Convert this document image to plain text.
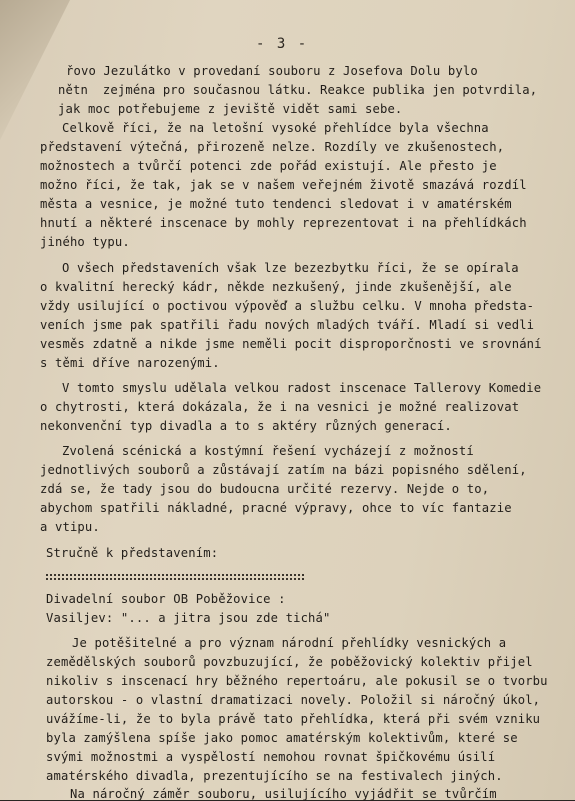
- 3 -
řovo Jezulátko v provedaní souboru z Josefova Dolu bylo
nětn  zejména pro současnou látku. Reakce publika jen potvrdila,
jak moc potřebujeme z jeviště vidět sami sebe.
Celkově říci, že na letošní vysoké přehlídce byla všechna
představení výtečná, přirozeně nelze. Rozdíly ve zkušenostech,
možnostech a tvůrčí potenci zde pořád existují. Ale přesto je
možno říci, že tak, jak se v našem veřejném životě smazává rozdíl
města a vesnice, je možné tuto tendenci sledovat i v amatérském
hnutí a některé inscenace by mohly reprezentovat i na přehlídkách
jiného typu.
O všech představeních však lze bezezbytku říci, že se opírala
o kvalitní herecký kádr, někde nezkušený, jinde zkušenější, ale
vždy usilující o poctivou výpověď a službu celku. V mnoha předsta-
veních jsme pak spatřili řadu nových mladých tváří. Mladí si vedli
vesměs zdatně a nikde jsme neměli pocit disproporčnosti ve srovnání
s těmi dříve narozenými.
V tomto smyslu udělala velkou radost inscenace Tallerovy Komedie
o chytrosti, která dokázala, že i na vesnici je možné realizovat
nekonvenční typ divadla a to s aktéry různých generací.
Zvolená scénická a kostýmní řešení vycházejí z možností
jednotlivých souborů a zůstávají zatím na bázi popisného sdělení,
zdá se, že tady jsou do budoucna určité rezervy. Nejde o to,
abychom spatřili nákladné, pracné výpravy, ohce to víc fantazie
a vtipu.
Stručně k představením:
Divadelní soubor OB Poběžovice :
Vasiljev: "... a jitra jsou zde tichá"
Je potěšitelné a pro význam národní přehlídky vesnických a
zemědělských souborů povzbuzující, že poběžovický kolektiv přijel
nikoliv s inscenací hry běžného repertoáru, ale pokusil se o tvorbu
autorskou - o vlastní dramatizaci novely. Položil si náročný úkol,
uvážíme-li, že to byla právě tato přehlídka, která při svém vzniku
byla zamýšlena spíše jako pomoc amatérským kolektivům, které se
svými možnostmi a vyspělostí nemohou rovnat špičkovému úsilí
amatérského divadla, prezentujícího se na festivalech jiných.
Na náročný záměr souboru, usilujícího vyjádřit se tvůrčím
